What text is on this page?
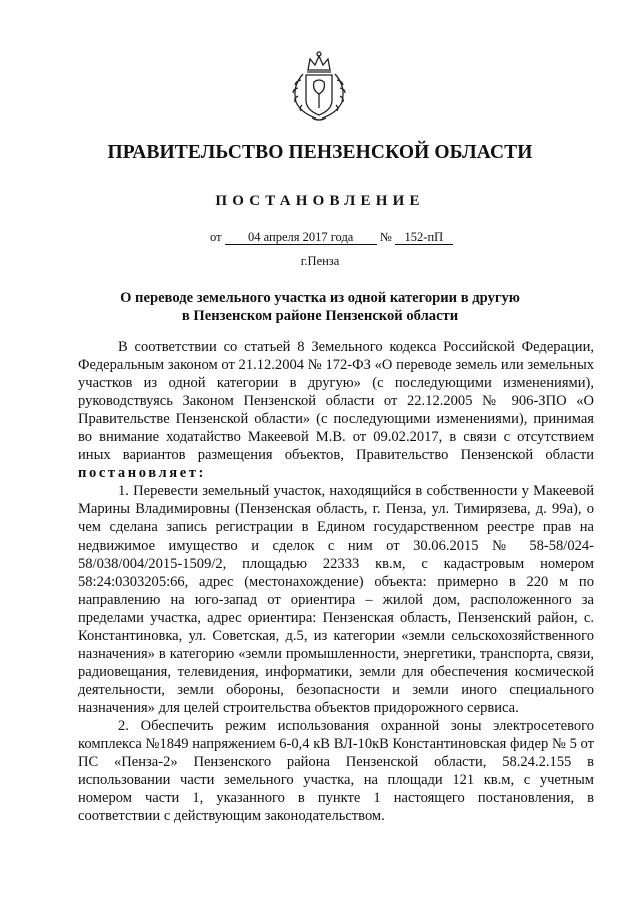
ПРАВИТЕЛЬСТВО ПЕНЗЕНСКОЙ ОБЛАСТИ
ПОСТАНОВЛЕНИЕ
от 04 апреля 2017 года № 152-пП
г.Пенза
О переводе земельного участка из одной категории в другую
в Пензенском районе Пензенской области

В соответствии со статьей 8 Земельного кодекса Российской Федерации, Федеральным законом от 21.12.2004 № 172-ФЗ «О переводе земель или земельных участков из одной категории в другую» (с последующими изменениями), руководствуясь Законом Пензенской области от 22.12.2005 № 906-ЗПО «О Правительстве Пензенской области» (с последующими изменениями), принимая во внимание ходатайство Макеевой М.В. от 09.02.2017, в связи с отсутствием иных вариантов размещения объектов, Правительство Пензенской области постановляет:

1. Перевести земельный участок, находящийся в собственности у Макеевой Марины Владимировны (Пензенская область, г. Пенза, ул. Тимирязева, д. 99а), о чем сделана запись регистрации в Едином государственном реестре прав на недвижимое имущество и сделок с ним от 30.06.2015 № 58-58/024-58/038/004/2015-1509/2, площадью 22333 кв.м, с кадастровым номером 58:24:0303205:66, адрес (местонахождение) объекта: примерно в 220 м по направлению на юго-запад от ориентира – жилой дом, расположенного за пределами участка, адрес ориентира: Пензенская область, Пензенский район, с. Константиновка, ул. Советская, д.5, из категории «земли сельскохозяйственного назначения» в категорию «земли промышленности, энергетики, транспорта, связи, радиовещания, телевидения, информатики, земли для обеспечения космической деятельности, земли обороны, безопасности и земли иного специального назначения» для целей строительства объектов придорожного сервиса.

2. Обеспечить режим использования охранной зоны электросетевого комплекса №1849 напряжением 6-0,4 кВ ВЛ-10кВ Константиновская фидер № 5 от ПС «Пенза-2» Пензенского района Пензенской области, 58.24.2.155 в использовании части земельного участка, на площади 121 кв.м, с учетным номером части 1, указанного в пункте 1 настоящего постановления, в соответствии с действующим законодательством.
